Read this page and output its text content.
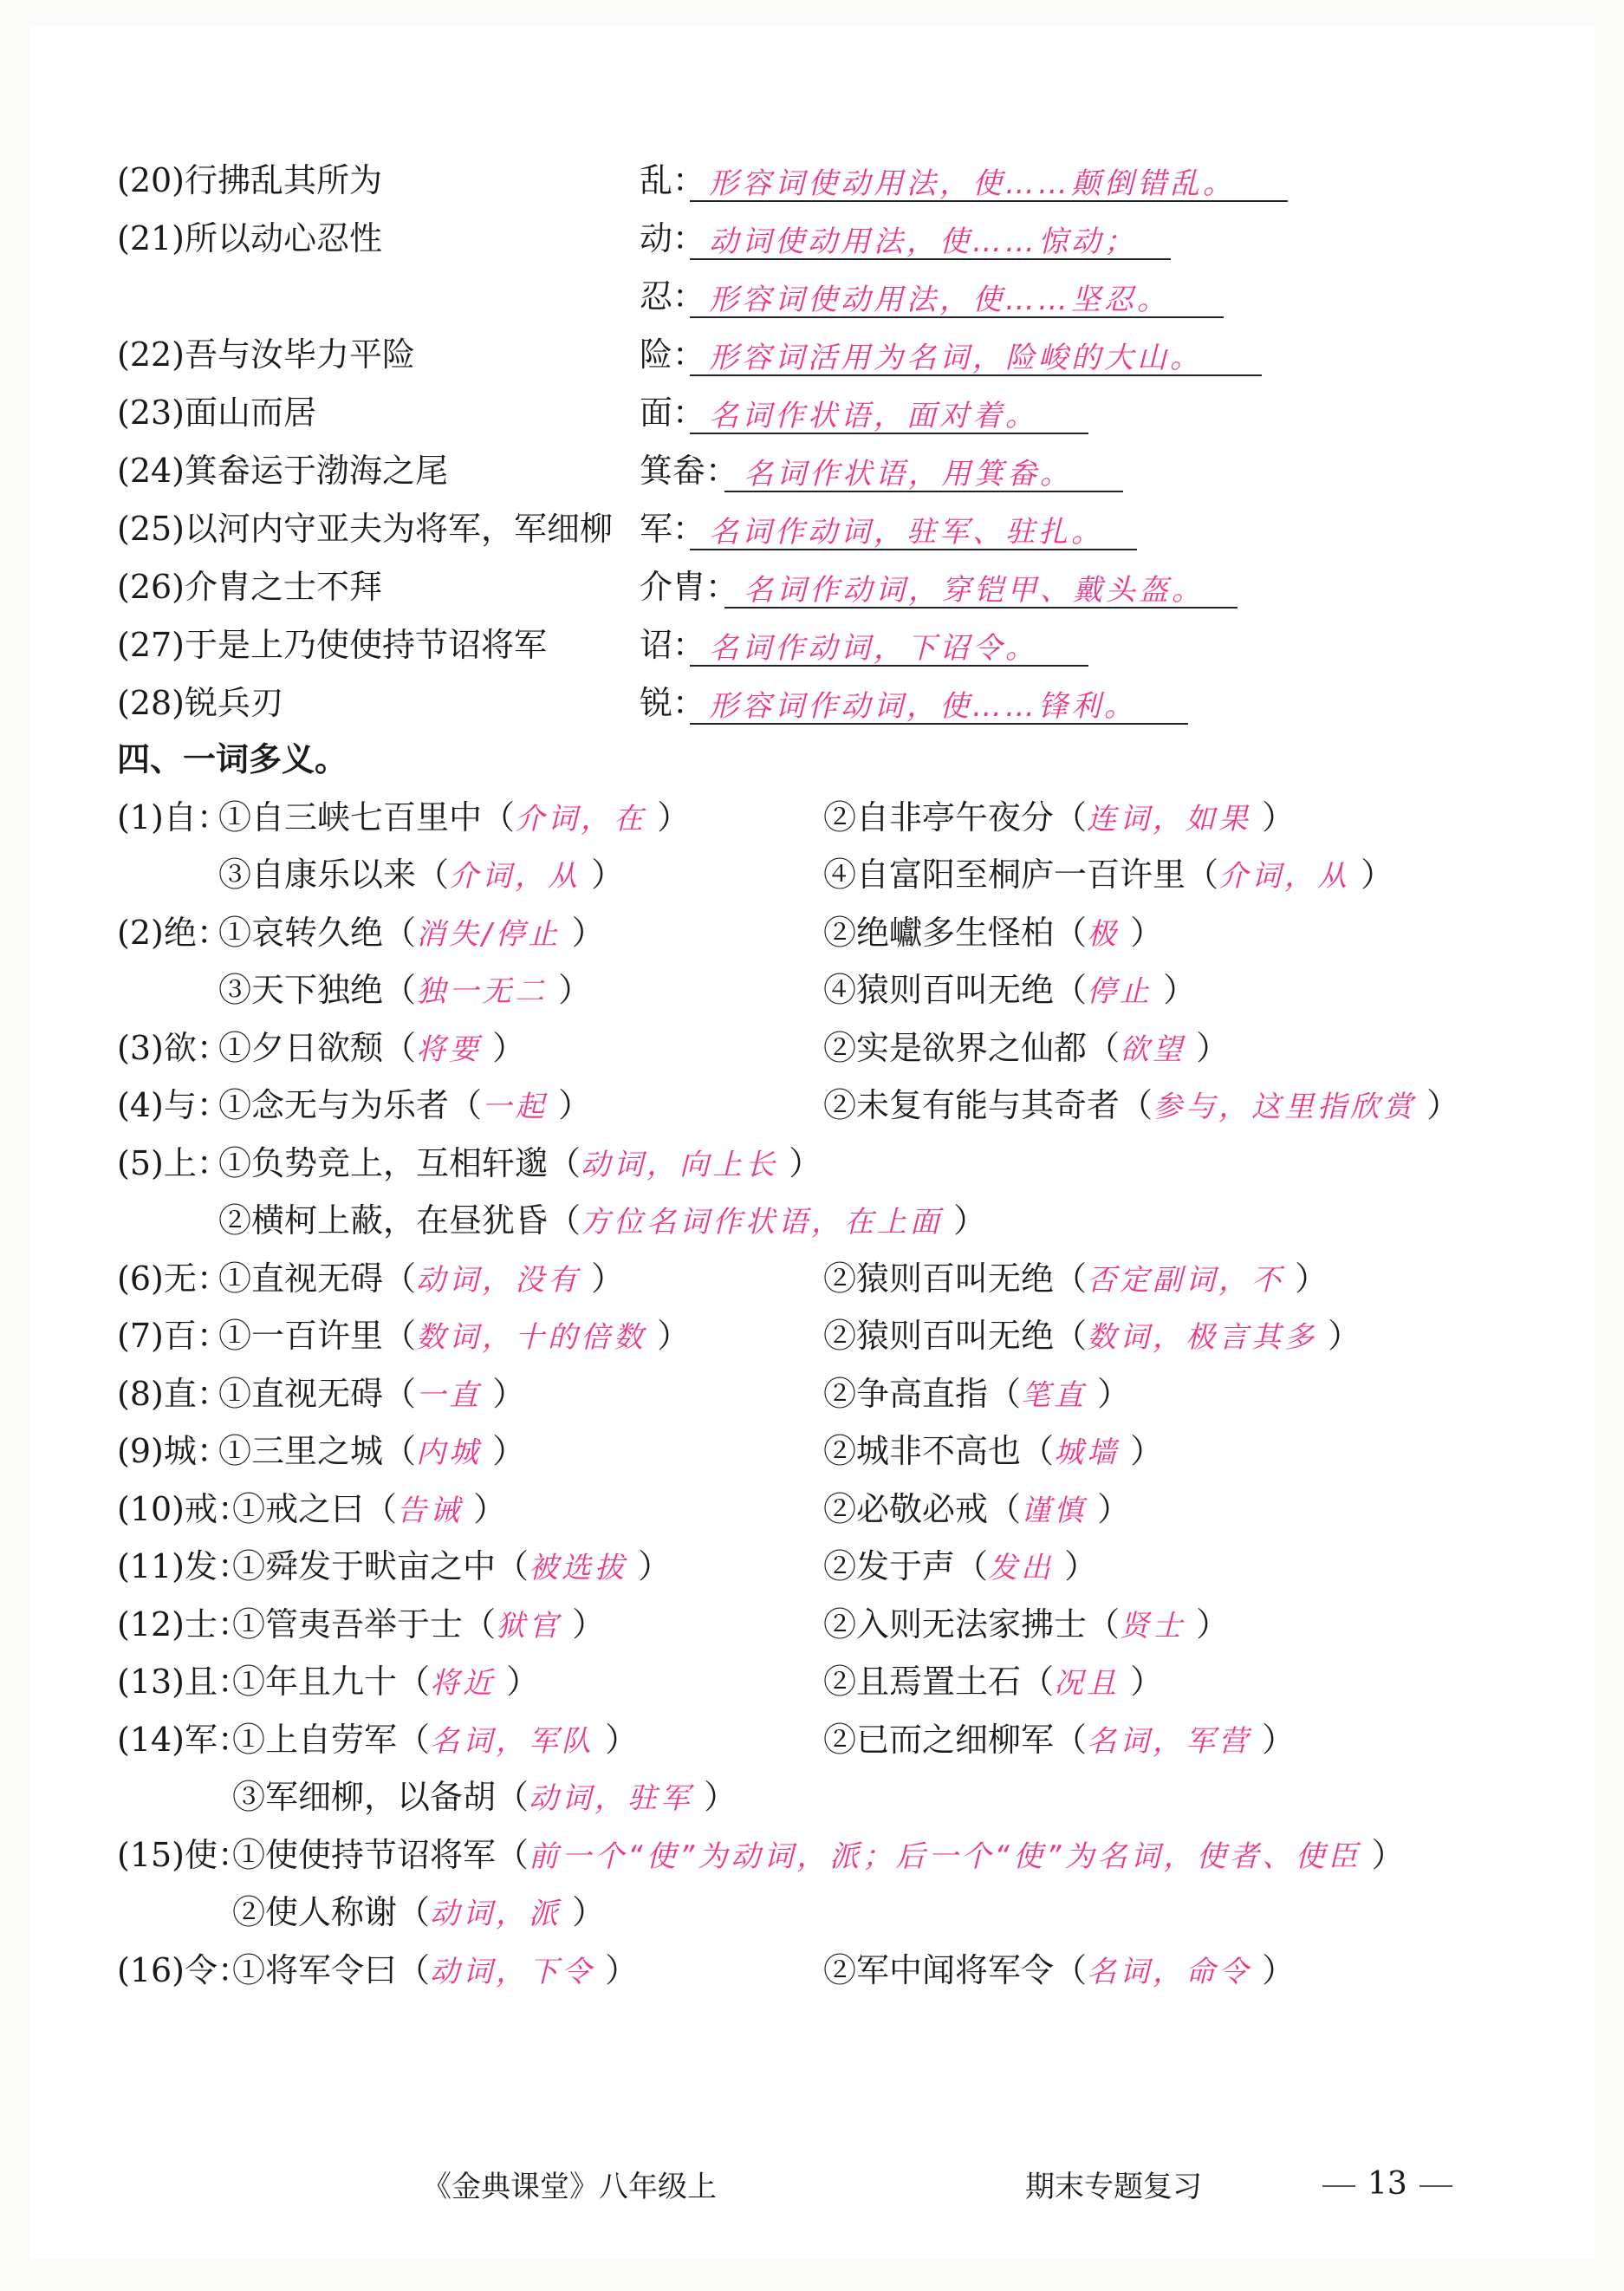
(20)行拂乱其所为	乱： 形容词使动用法，使……颠倒错乱。
(21)所以动心忍性	动： 动词使动用法，使……惊动；
忍： 形容词使动用法，使……坚忍。
(22)吾与汝毕力平险	险： 形容词活用为名词，险峻的大山。
(23)面山而居	面： 名词作状语，面对着。
(24)箕畚运于渤海之尾	箕畚： 名词作状语，用箕畚。
(25)以河内守亚夫为将军，军细柳 军： 名词作动词，驻军、驻扎。
(26)介胄之士不拜	介胄： 名词作动词，穿铠甲、戴头盔。
(27)于是上乃使使持节诏将军	诏： 名词作动词，下诏令。
(28)锐兵刃	锐： 形容词作动词，使……锋利。
四、一词多义。
(1)自：
①自三峡七百里中（介词，在 ）	②自非亭午夜分（连词，如果 ）
③自康乐以来（介词，从 ）	④自富阳至桐庐一百许里（介词，从 ）
(2)绝：
①哀转久绝（消失/停止 ）	②绝巘多生怪柏（极 ）
③天下独绝（独一无二 ）	④猿则百叫无绝（停止 ）
(3)欲：
①夕日欲颓（将要 ）	②实是欲界之仙都（欲望 ）
(4)与：
①念无与为乐者（一起 ）	②未复有能与其奇者（参与，这里指欣赏 ）
(5)上：
①负势竞上，互相轩邈（动词，向上长 ）
②横柯上蔽，在昼犹昏（方位名词作状语，在上面 ）
(6)无：
①直视无碍（动词，没有 ）	②猿则百叫无绝（否定副词，不 ）
(7)百：
①一百许里（数词，十的倍数 ）	②猿则百叫无绝（数词，极言其多 ）
(8)直：
①直视无碍（一直 ）	②争高直指（笔直 ）
(9)城：
①三里之城（内城 ）	②城非不高也（城墙 ）
(10)戒：
①戒之曰（告诫 ）	②必敬必戒（谨慎 ）
(11)发：
①舜发于畎亩之中（被选拔 ）	②发于声（发出 ）
(12)士：
①管夷吾举于士（狱官 ）	②入则无法家拂士（贤士 ）
(13)且：
①年且九十（将近 ）	②且焉置土石（况且 ）
(14)军：
①上自劳军（名词，军队 ）	②已而之细柳军（名词，军营 ）
③军细柳，以备胡（动词，驻军 ）
(15)使：
①使使持节诏将军（前一个“使”为动词，派；后一个“使”为名词，使者、使臣 ）
②使人称谢（动词，派 ）
(16)令：
①将军令曰（动词，下令 ）	②军中闻将军令（名词，命令 ）
《金典课堂》八年级上	期末专题复习	13
